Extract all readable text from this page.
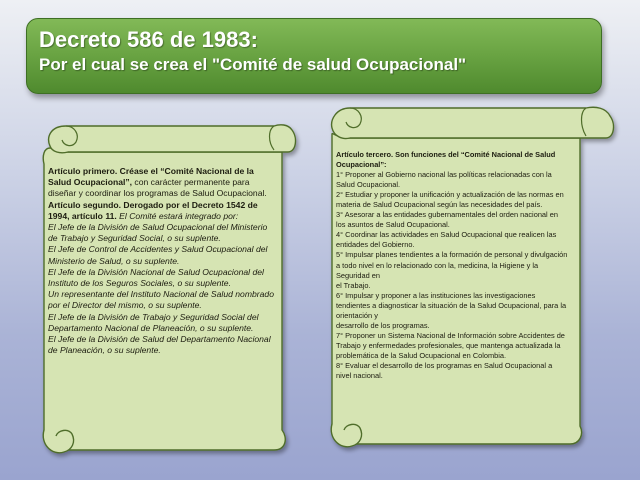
Decreto 586 de 1983:
Por el cual se crea el "Comité de salud Ocupacional"
Artículo primero. Créase el “Comité Nacional de la Salud Ocupacional”, con carácter permanente para diseñar y coordinar los programas de Salud Ocupacional.
Artículo segundo. Derogado por el Decreto 1542 de 1994, artículo 11. El Comité estará integrado por:
El Jefe de la División de Salud Ocupacional del Ministerio de Trabajo y Seguridad Social, o su suplente.
El Jefe de Control de Accidentes y Salud Ocupacional del Ministerio de Salud, o su suplente.
El Jefe de la División Nacional de Salud Ocupacional del Instituto de los Seguros Sociales, o su suplente.
Un representante del Instituto Nacional de Salud nombrado por el Director del mismo, o su suplente.
El Jefe de la División de Trabajo y Seguridad Social del Departamento Nacional de Planeación, o su suplente.
El Jefe de la División de Salud del Departamento Nacional de Planeación, o su suplente.
Artículo tercero. Son funciones del “Comité Nacional de Salud Ocupacional”:
1° Proponer al Gobierno nacional las políticas relacionadas con la Salud Ocupacional.
2° Estudiar y proponer la unificación y actualización de las normas en materia de Salud Ocupacional según las necesidades del país.
3° Asesorar a las entidades gubernamentales del orden nacional en los asuntos de Salud Ocupacional.
4° Coordinar las actividades en Salud Ocupacional que realicen las entidades del Gobierno.
5° Impulsar planes tendientes a la formación de personal y divulgación a todo nivel en lo relacionado con la, medicina, la Higiene y la Seguridad en
el Trabajo.
6° Impulsar y proponer a las instituciones las investigaciones tendientes a diagnosticar la situación de la Salud Ocupacional, para la orientación y
desarrollo de los programas.
7° Proponer un Sistema Nacional de Información sobre Accidentes de Trabajo y enfermedades profesionales, que mantenga actualizada la problemática de la Salud Ocupacional en Colombia.
8° Evaluar el desarrollo de los programas en Salud Ocupacional a nivel nacional.
